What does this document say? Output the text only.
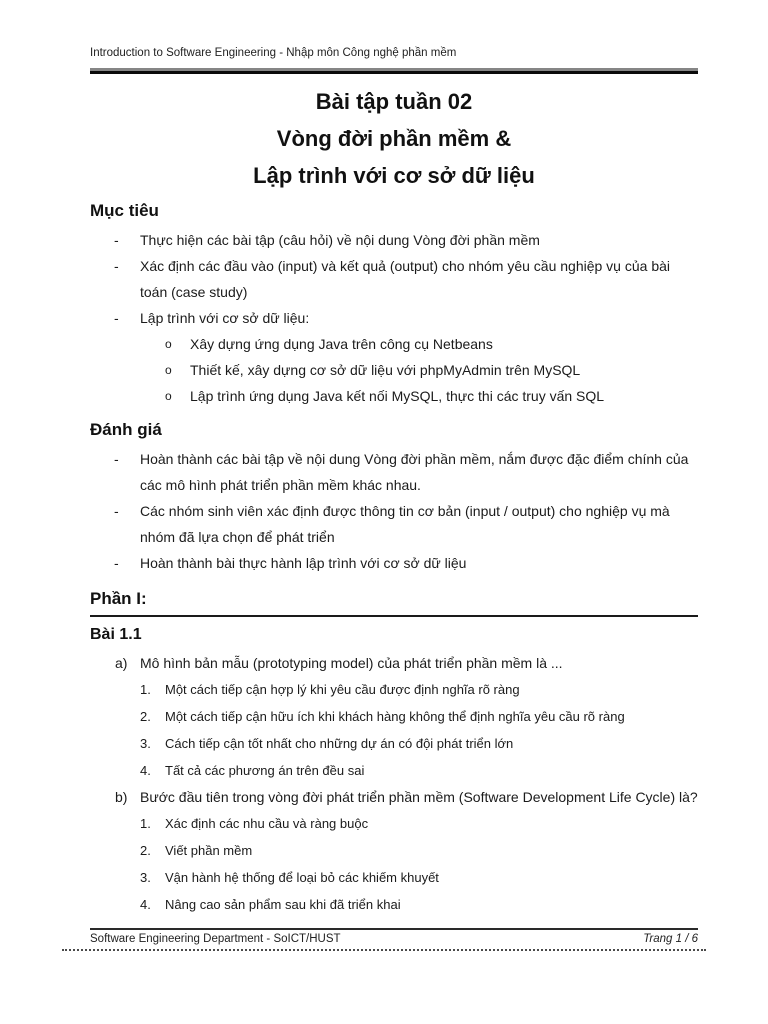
Introduction to Software Engineering - Nhập môn Công nghệ phần mềm
Bài tập tuần 02
Vòng đời phần mềm &
Lập trình với cơ sở dữ liệu
Mục tiêu
-	Thực hiện các bài tập (câu hỏi) về nội dung Vòng đời phần mềm
-	Xác định các đầu vào (input) và kết quả (output) cho nhóm yêu cầu nghiệp vụ của bài toán (case study)
-	Lập trình với cơ sở dữ liệu:
o	Xây dựng ứng dụng Java trên công cụ Netbeans
o	Thiết kế, xây dựng cơ sở dữ liệu với phpMyAdmin trên MySQL
o	Lập trình ứng dụng Java kết nối MySQL, thực thi các truy vấn SQL
Đánh giá
-	Hoàn thành các bài tập về nội dung Vòng đời phần mềm, nắm được đặc điểm chính của các mô hình phát triển phần mềm khác nhau.
-	Các nhóm sinh viên xác định được thông tin cơ bản (input / output) cho nghiệp vụ mà nhóm đã lựa chọn để phát triển
-	Hoàn thành bài thực hành lập trình với cơ sở dữ liệu
Phần I:
Bài 1.1
a) Mô hình bản mẫu (prototyping model) của phát triển phần mềm là ...
1.	Một cách tiếp cận hợp lý khi yêu cầu được định nghĩa rõ ràng
2.	Một cách tiếp cận hữu ích khi khách hàng không thể định nghĩa yêu cầu rõ ràng
3.	Cách tiếp cận tốt nhất cho những dự án có đội phát triển lớn
4.	Tất cả các phương án trên đều sai
b) Bước đầu tiên trong vòng đời phát triển phần mềm (Software Development Life Cycle) là?
1.	Xác định các nhu cầu và ràng buộc
2.	Viết phần mềm
3.	Vận hành hệ thống để loại bỏ các khiếm khuyết
4.	Nâng cao sản phẩm sau khi đã triển khai
Software Engineering Department - SoICT/HUST	Trang 1 / 6
